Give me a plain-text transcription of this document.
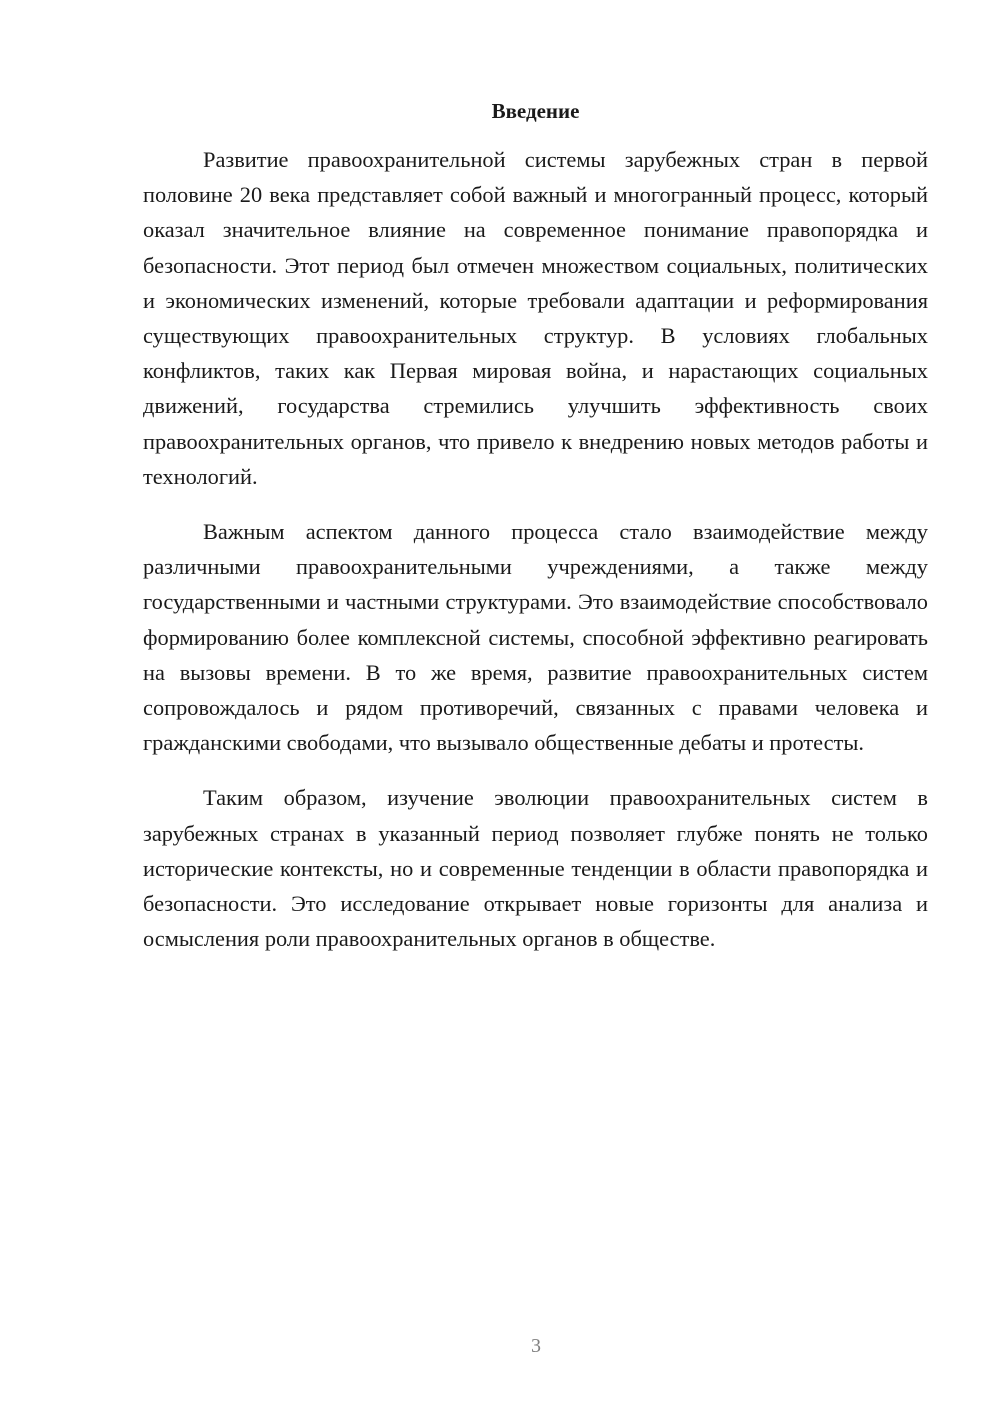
Введение

Развитие правоохранительной системы зарубежных стран в первой половине 20 века представляет собой важный и многогранный процесс, который оказал значительное влияние на современное понимание правопорядка и безопасности. Этот период был отмечен множеством социальных, политических и экономических изменений, которые требовали адаптации и реформирования существующих правоохранительных структур. В условиях глобальных конфликтов, таких как Первая мировая война, и нарастающих социальных движений, государства стремились улучшить эффективность своих правоохранительных органов, что привело к внедрению новых методов работы и технологий.

Важным аспектом данного процесса стало взаимодействие между различными правоохранительными учреждениями, а также между государственными и частными структурами. Это взаимодействие способствовало формированию более комплексной системы, способной эффективно реагировать на вызовы времени. В то же время, развитие правоохранительных систем сопровождалось и рядом противоречий, связанных с правами человека и гражданскими свободами, что вызывало общественные дебаты и протесты.

Таким образом, изучение эволюции правоохранительных систем в зарубежных странах в указанный период позволяет глубже понять не только исторические контексты, но и современные тенденции в области правопорядка и безопасности. Это исследование открывает новые горизонты для анализа и осмысления роли правоохранительных органов в обществе.

3
